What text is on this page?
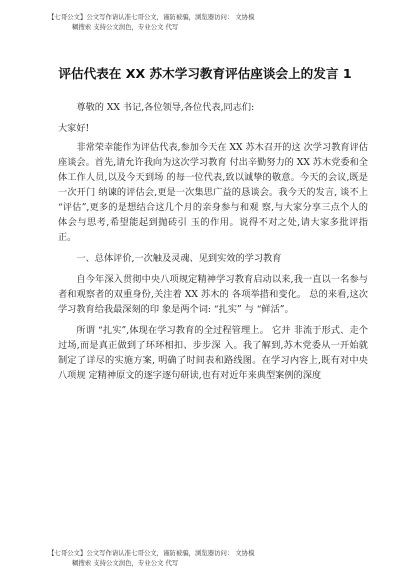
【七哥公文】公文写作请认准七哥公文，谨防被骗，浏览器访问： 文协模
糊搜索 支持公文润色，专业公文 代写
评估代表在 XX 苏木学习教育评估座谈会上的发言 1

尊敬的 XX 书记,各位领导,各位代表,同志们:

大家好!

非常荣幸能作为评估代表,参加今天在 XX 苏木召开的这 次学习教育评估座谈会。首先,请允许我向为这次学习教育 付出辛勤努力的 XX 苏木党委和全体工作人员,以及今天到场 的每一位代表,致以诚挚的敬意。今天的会议,既是一次开门 纳谏的评估会,更是一次集思广益的恳谈会。我今天的发言, 谈不上 “评估”,更多的是想结合这几个月的亲身参与和观 察,与大家分享三点个人的体会与思考,希望能起到抛砖引 玉的作用。说得不对之处,请大家多批评指正。

一、总体评价,一次触及灵魂、见到实效的学习教育

自今年深入贯彻中央八项规定精神学习教育启动以来,我一直以一名参与者和观察者的双重身份,关注着 XX 苏木的 各项举措和变化。 总的来看,这次学习教育给我最深刻的印 象是两个词: “扎实” 与 “鲜活”。

所谓 “扎实”,体现在学习教育的全过程管理上。 它并 非流于形式、走个过场,而是真正做到了环环相扣、步步深 入。我了解到,苏木党委从一开始就制定了详尽的实施方案, 明确了时间表和路线图。在学习内容上,既有对中央八项规 定精神原文的逐字逐句研读,也有对近年来典型案例的深度

【七哥公文】公文写作请认准七哥公文，谨防被骗，浏览器访问： 文协模
糊搜索 支持公文润色，专业公文 代写
